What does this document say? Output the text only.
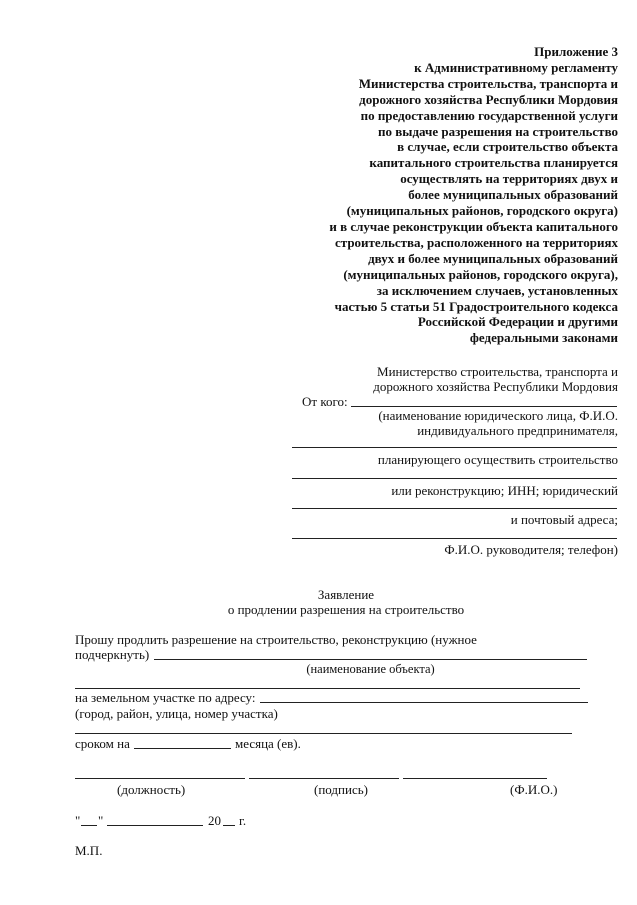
Приложение 3
к Административному регламенту
Министерства строительства, транспорта и
дорожного хозяйства Республики Мордовия
по предоставлению государственной услуги
по выдаче разрешения на строительство
в случае, если строительство объекта
капитального строительства планируется
осуществлять на территориях двух и
более муниципальных образований
(муниципальных районов, городского округа)
и в случае реконструкции объекта капитального
строительства, расположенного на территориях
двух и более муниципальных образований
(муниципальных районов, городского округа),
за исключением случаев, установленных
частью 5 статьи 51 Градостроительного кодекса
Российской Федерации и другими
федеральными законами
Министерство строительства, транспорта и
дорожного хозяйства Республики Мордовия
От кого:
(наименование юридического лица, Ф.И.О.
индивидуального предпринимателя,
планирующего осуществить строительство
или реконструкцию; ИНН; юридический
и почтовый адреса;
Ф.И.О. руководителя; телефон)
Заявление
о продлении разрешения на строительство
Прошу продлить разрешение на строительство, реконструкцию (нужное
подчеркнуть)
(наименование объекта)
на земельном участке по адресу:
(город, район, улица, номер участка)
сроком на	месяца (ев).
(должность)	(подпись)	(Ф.И.О.)
" "	20 г.
М.П.
